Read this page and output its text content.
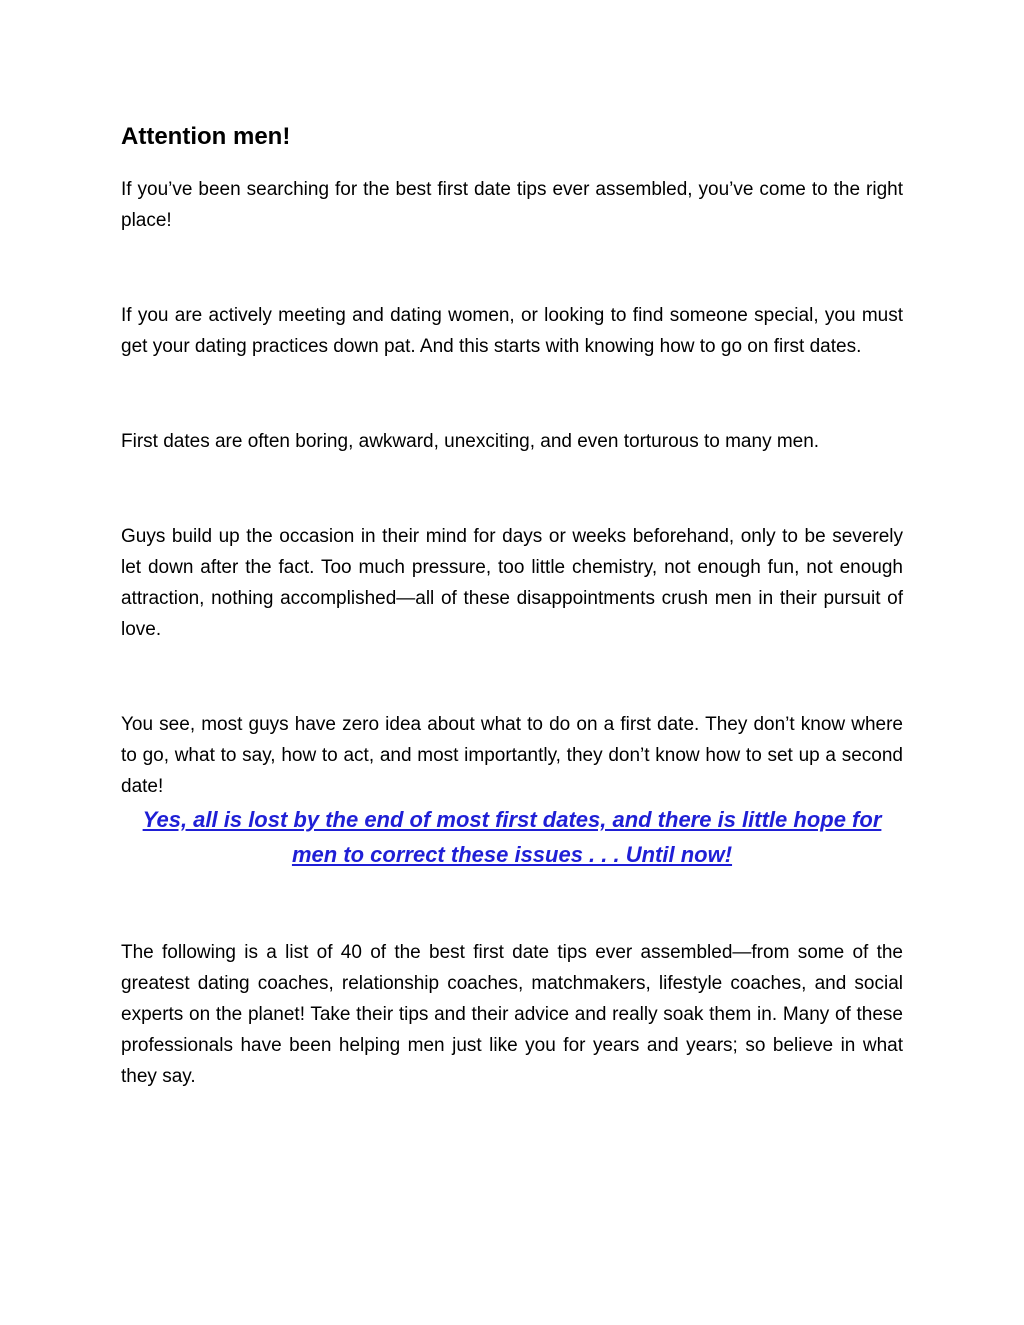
Attention men!

If you’ve been searching for the best first date tips ever assembled, you’ve come to the right place!

If you are actively meeting and dating women, or looking to find someone special, you must get your dating practices down pat. And this starts with knowing how to go on first dates.

First dates are often boring, awkward, unexciting, and even torturous to many men.

Guys build up the occasion in their mind for days or weeks beforehand, only to be severely let down after the fact. Too much pressure, too little chemistry, not enough fun, not enough attraction, nothing accomplished—all of these disappointments crush men in their pursuit of love.

You see, most guys have zero idea about what to do on a first date. They don’t know where to go, what to say, how to act, and most importantly, they don’t know how to set up a second date!

Yes, all is lost by the end of most first dates, and there is little hope for men to correct these issues . . . Until now!

The following is a list of 40 of the best first date tips ever assembled—from some of the greatest dating coaches, relationship coaches, matchmakers, lifestyle coaches, and social experts on the planet! Take their tips and their advice and really soak them in. Many of these professionals have been helping men just like you for years and years; so believe in what they say.
